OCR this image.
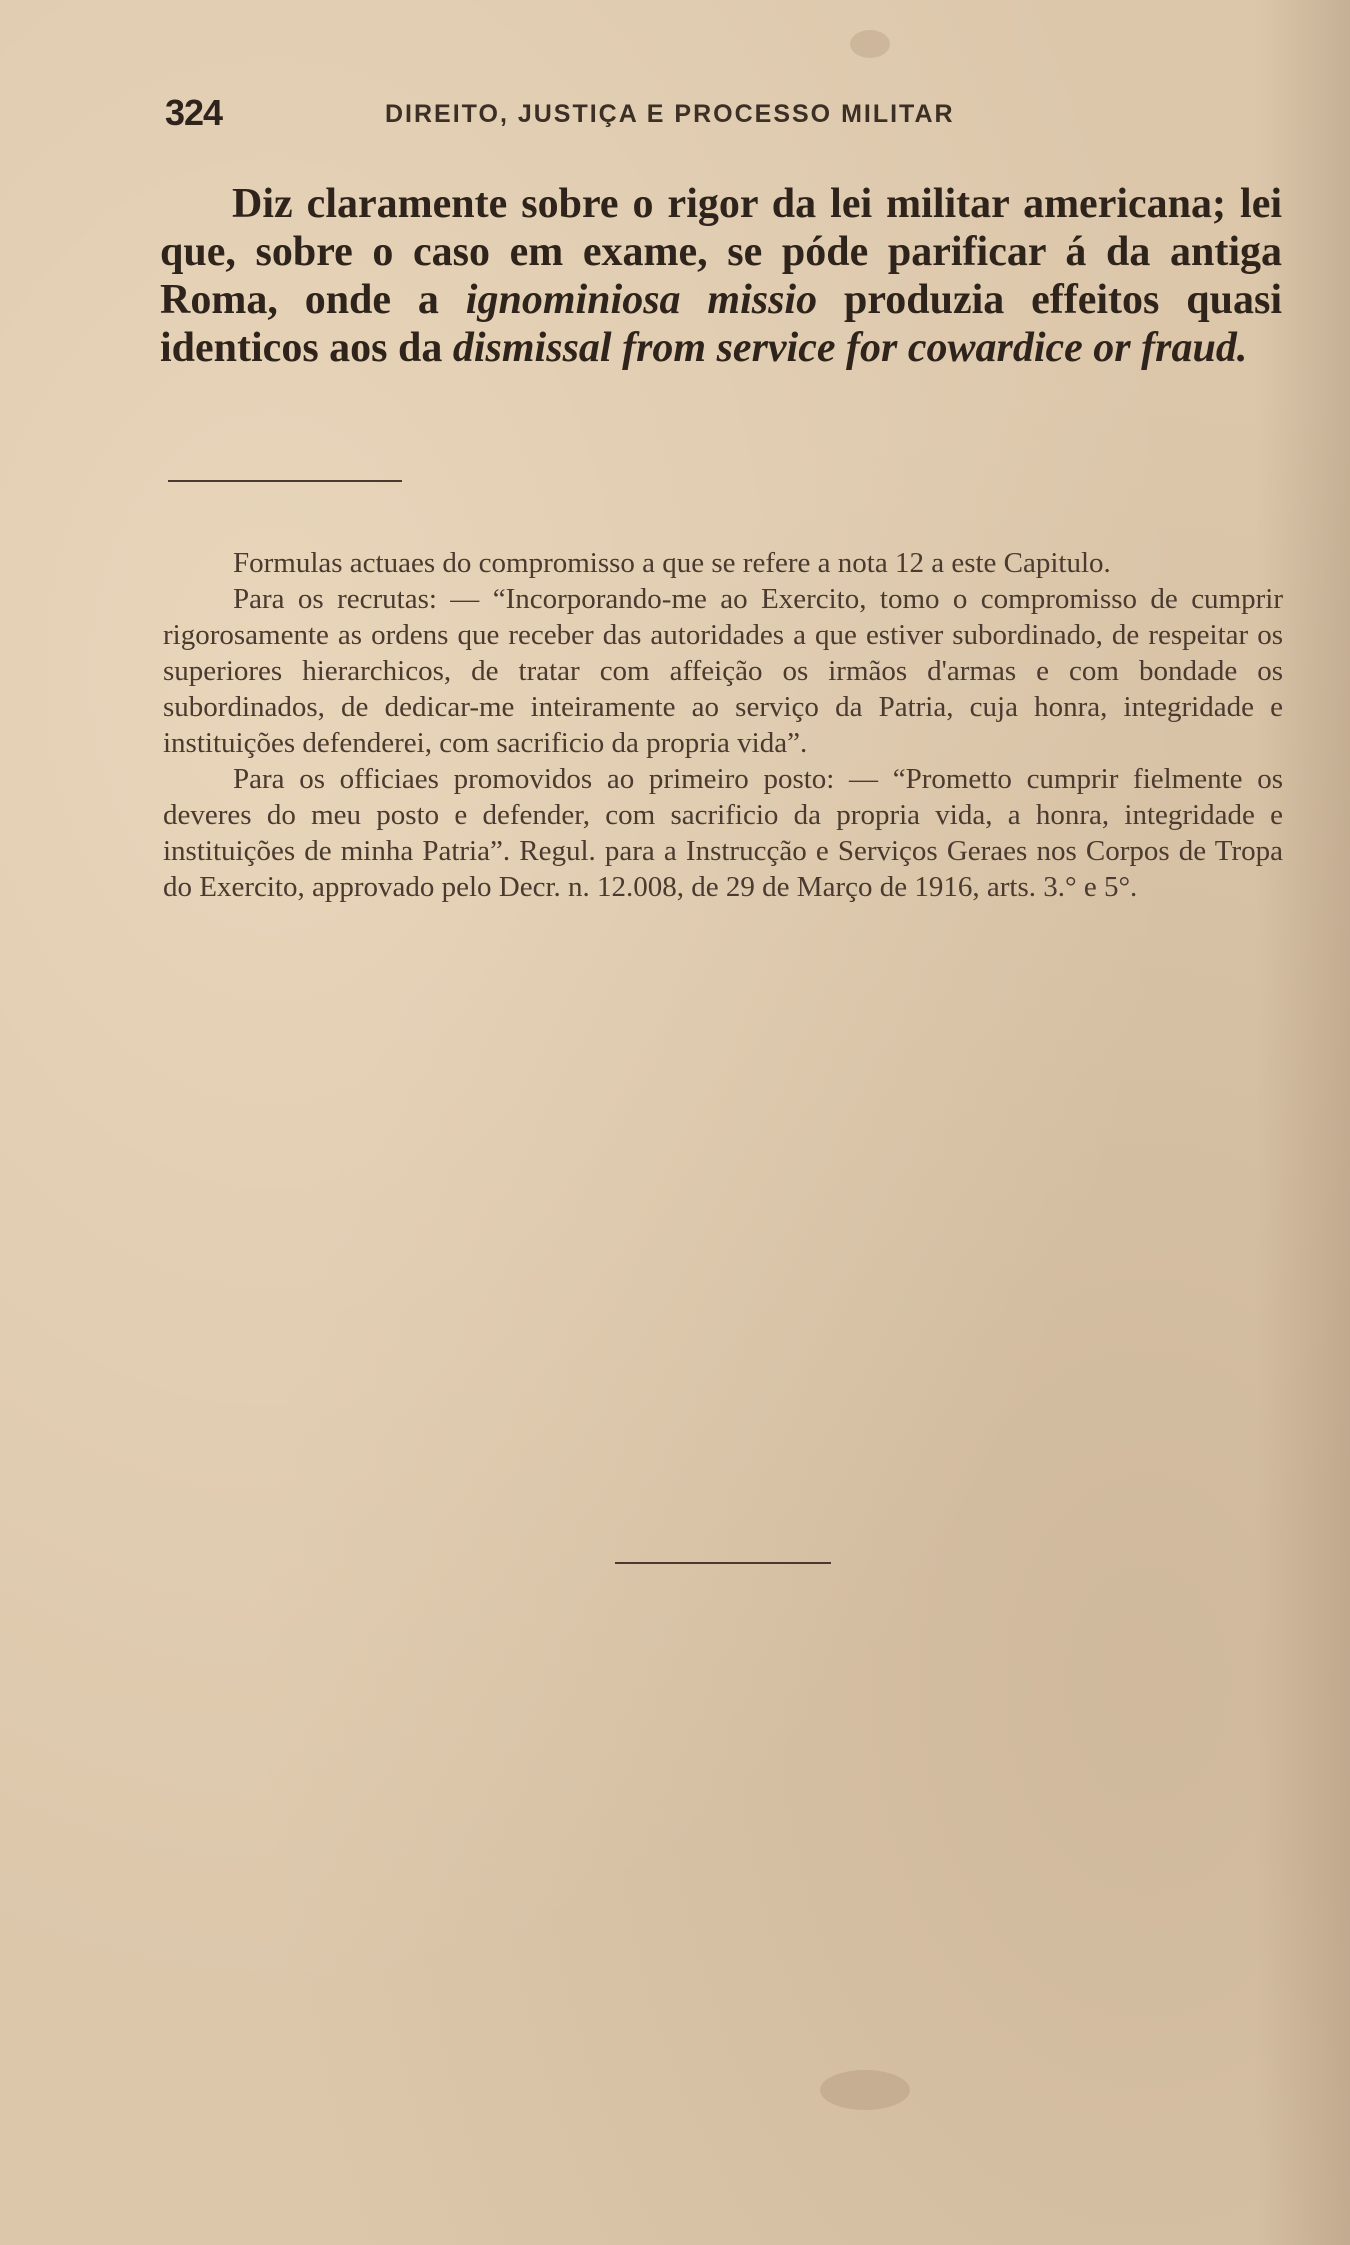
324	DIREITO, JUSTIÇA E PROCESSO MILITAR
Diz claramente sobre o rigor da lei militar americana; lei que, sobre o caso em exame, se póde parificar á da antiga Roma, onde a ignominiosa missio produzia effeitos quasi identicos aos da dismissal from service for cowardice or fraud.

Formulas actuaes do compromisso a que se refere a nota 12 a este Capitulo.

Para os recrutas: — “Incorporando-me ao Exercito, tomo o compromisso de cumprir rigorosamente as ordens que receber das autoridades a que estiver subordinado, de respeitar os superiores hierarchicos, de tratar com affeição os irmãos d'armas e com bondade os subordinados, de dedicar-me inteiramente ao serviço da Patria, cuja honra, integridade e instituições defenderei, com sacrificio da propria vida”.

Para os officiaes promovidos ao primeiro posto: — “Prometto cumprir fielmente os deveres do meu posto e defender, com sacrificio da propria vida, a honra, integridade e instituições de minha Patria”. Regul. para a Instrucção e Serviços Geraes nos Corpos de Tropa do Exercito, approvado pelo Decr. n. 12.008, de 29 de Março de 1916, arts. 3.° e 5°.
